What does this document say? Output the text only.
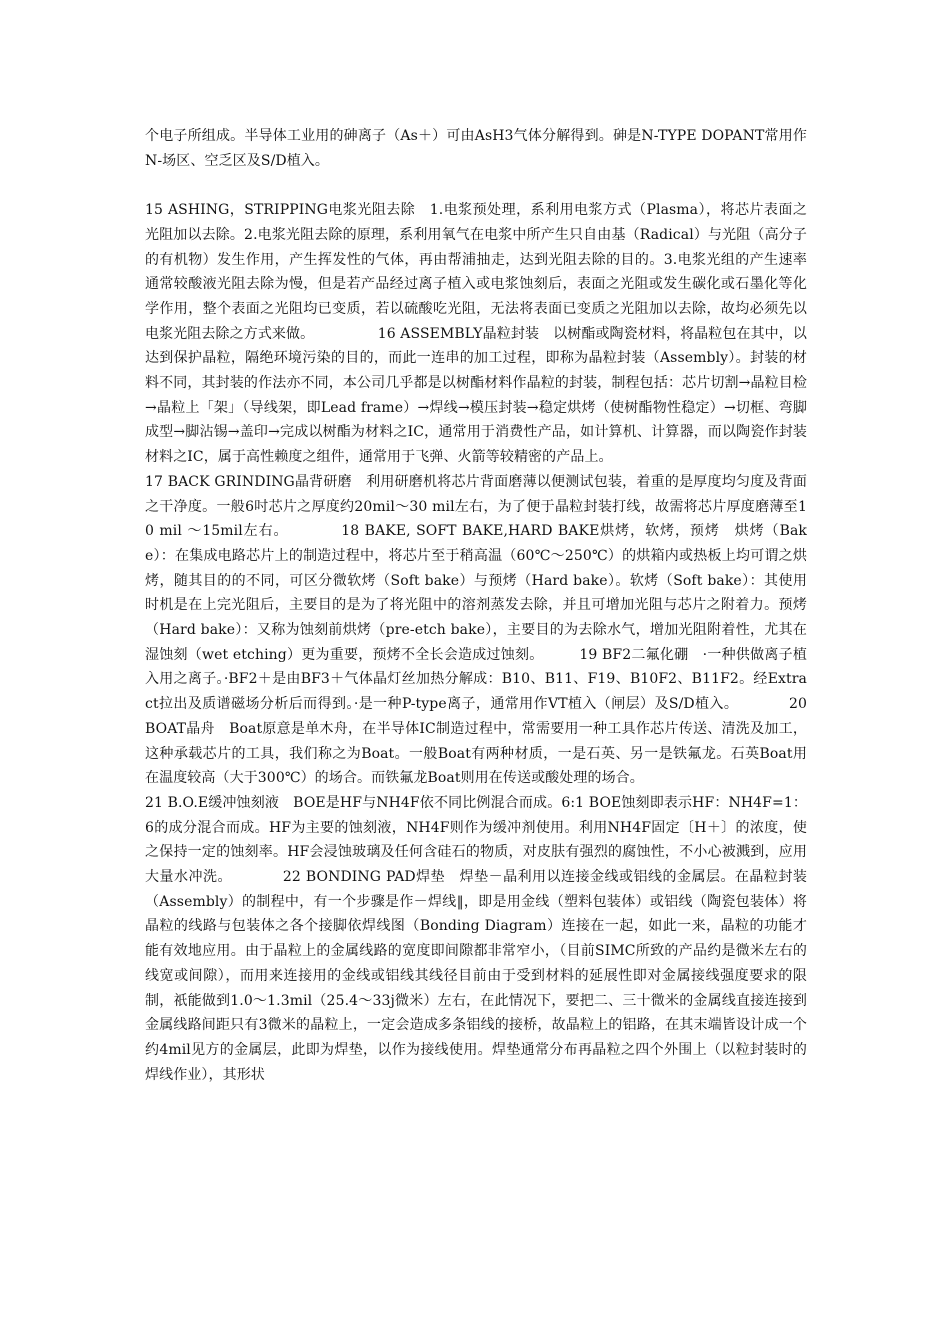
个电子所组成。半导体工业用的砷离子（As＋）可由AsH3气体分解得到。砷是N-TYPE DOPANT常用作N-场区、空乏区及S/D植入。

15 ASHING，STRIPPING电浆光阻去除　1.电浆预处理，系利用电浆方式（Plasma），将芯片表面之光阻加以去除。2.电浆光阻去除的原理，系利用氧气在电浆中所产生只自由基（Radical）与光阻（高分子的有机物）发生作用，产生挥发性的气体，再由帮浦抽走，达到光阻去除的目的。3.电浆光组的产生速率通常较酸液光阻去除为慢，但是若产品经过离子植入或电浆蚀刻后，表面之光阻或发生碳化或石墨化等化学作用，整个表面之光阻均已变质，若以硫酸吃光阻，无法将表面已变质之光阻加以去除，故均必须先以电浆光阻去除之方式来做。　　　　　16 ASSEMBLY晶粒封装　以树酯或陶瓷材料，将晶粒包在其中，以达到保护晶粒，隔绝环境污染的目的，而此一连串的加工过程，即称为晶粒封装（Assembly）。封装的材料不同，其封装的作法亦不同，本公司几乎都是以树酯材料作晶粒的封装，制程包括：芯片切割→晶粒目检→晶粒上「架」（导线架，即Lead frame）→焊线→模压封装→稳定烘烤（使树酯物性稳定）→切框、弯脚成型→脚沾锡→盖印→完成以树酯为材料之IC，通常用于消费性产品，如计算机、计算器，而以陶瓷作封装材料之IC，属于高性赖度之组件，通常用于飞弹、火箭等较精密的产品上。

17 BACK GRINDING晶背研磨　利用研磨机将芯片背面磨薄以便测试包装，着重的是厚度均匀度及背面之干净度。一般6吋芯片之厚度约20mil～30 mil左右，为了便于晶粒封装打线，故需将芯片厚度磨薄至10 mil ～15mil左右。　　　　18 BAKE, SOFT BAKE,HARD BAKE烘烤，软烤，预烤　烘烤（Bake）：在集成电路芯片上的制造过程中，将芯片至于稍高温（60℃～250℃）的烘箱内或热板上均可谓之烘烤，随其目的的不同，可区分微软烤（Soft bake）与预烤（Hard bake）。软烤（Soft bake）：其使用时机是在上完光阻后，主要目的是为了将光阻中的溶剂蒸发去除，并且可增加光阻与芯片之附着力。预烤（Hard bake）：又称为蚀刻前烘烤（pre-etch bake），主要目的为去除水气，增加光阻附着性，尤其在湿蚀刻（wet etching）更为重要，预烤不全长会造成过蚀刻。　　　19 BF2二氟化硼　·一种供做离子植入用之离子。·BF2＋是由BF3＋气体晶灯丝加热分解成：B10、B11、F19、B10F2、B11F2。经Extract拉出及质谱磁场分析后而得到。·是一种P-type离子，通常用作VT植入（闸层）及S/D植入。　　　　20 BOAT晶舟　Boat原意是单木舟，在半导体IC制造过程中，常需要用一种工具作芯片传送、清洗及加工，这种承载芯片的工具，我们称之为Boat。一般Boat有两种材质，一是石英、另一是铁氟龙。石英Boat用在温度较高（大于300℃）的场合。而铁氟龙Boat则用在传送或酸处理的场合。

21 B.O.E缓冲蚀刻液　BOE是HF与NH4F依不同比例混合而成。6:1 BOE蚀刻即表示HF：NH4F=1：6的成分混合而成。HF为主要的蚀刻液，NH4F则作为缓冲剂使用。利用NH4F固定〔H＋〕的浓度，使之保持一定的蚀刻率。HF会浸蚀玻璃及任何含硅石的物质，对皮肤有强烈的腐蚀性，不小心被溅到，应用大量水冲洗。　　　　22 BONDING PAD焊垫　焊垫－晶利用以连接金线或铝线的金属层。在晶粒封装（Assembly）的制程中，有一个步骤是作－焊线‖，即是用金线（塑料包装体）或铝线（陶瓷包装体）将晶粒的线路与包装体之各个接脚依焊线图（Bonding Diagram）连接在一起，如此一来，晶粒的功能才能有效地应用。由于晶粒上的金属线路的宽度即间隙都非常窄小，（目前SIMC所致的产品约是微米左右的线宽或间隙），而用来连接用的金线或铝线其线径目前由于受到材料的延展性即对金属接线强度要求的限制，祇能做到1.0～1.3mil（25.4～33j微米）左右，在此情况下，要把二、三十微米的金属线直接连接到金属线路间距只有3微米的晶粒上，一定会造成多条铝线的接桥，故晶粒上的铝路，在其末端皆设计成一个约4mil见方的金属层，此即为焊垫，以作为接线使用。焊垫通常分布再晶粒之四个外围上（以粒封装时的焊线作业），其形状
